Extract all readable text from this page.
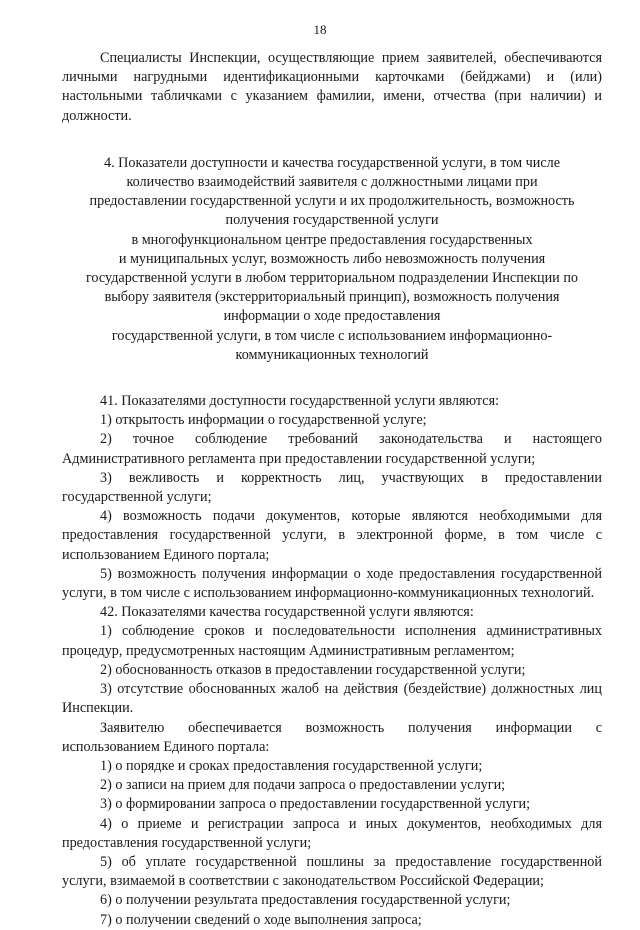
18

Специалисты Инспекции, осуществляющие прием заявителей, обеспечиваются личными нагрудными идентификационными карточками (бейджами) и (или) настольными табличками с указанием фамилии, имени, отчества (при наличии) и должности.

4. Показатели доступности и качества государственной услуги, в том числе
количество взаимодействий заявителя с должностными лицами при
предоставлении государственной услуги и их продолжительность, возможность
получения государственной услуги
в многофункциональном центре предоставления государственных
и муниципальных услуг, возможность либо невозможность получения
государственной услуги в любом территориальном подразделении Инспекции по
выбору заявителя (экстерриториальный принцип), возможность получения
информации о ходе предоставления
государственной услуги, в том числе с использованием информационно-
коммуникационных технологий

41. Показателями доступности государственной услуги являются:

1) открытость информации о государственной услуге;

2) точное соблюдение требований законодательства и настоящего Административного регламента при предоставлении государственной услуги;

3) вежливость и корректность лиц, участвующих в предоставлении государственной услуги;

4) возможность подачи документов, которые являются необходимыми для предоставления государственной услуги, в электронной форме, в том числе с использованием Единого портала;

5) возможность получения информации о ходе предоставления государственной услуги, в том числе с использованием информационно-коммуникационных технологий.

42. Показателями качества государственной услуги являются:

1) соблюдение сроков и последовательности исполнения административных процедур, предусмотренных настоящим Административным регламентом;

2) обоснованность отказов в предоставлении государственной услуги;

3) отсутствие обоснованных жалоб на действия (бездействие) должностных лиц Инспекции.

Заявителю обеспечивается возможность получения информации с использованием Единого портала:

1) о порядке и сроках предоставления государственной услуги;

2) о записи на прием для подачи запроса о предоставлении услуги;

3) о формировании запроса о предоставлении государственной услуги;

4) о приеме и регистрации запроса и иных документов, необходимых для предоставления государственной услуги;

5) об уплате государственной пошлины за предоставление государственной услуги, взимаемой в соответствии с законодательством Российской Федерации;

6) о получении результата предоставления государственной услуги;

7) о получении сведений о ходе выполнения запроса;
